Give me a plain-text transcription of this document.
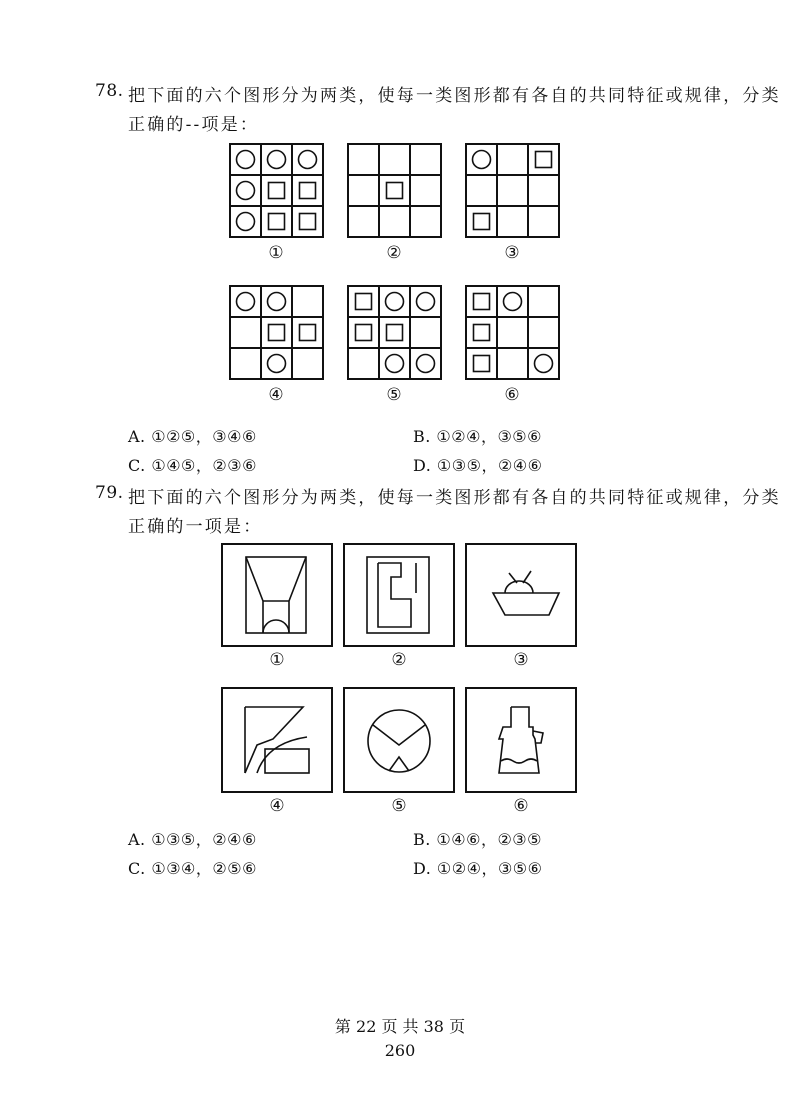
78. 把下面的六个图形分为两类，使每一类图形都有各自的共同特征或规律，分类
正确的--项是：
①	②	③
④	⑤	⑥
A. ①②⑤，③④⑥	B. ①②④，③⑤⑥
C. ①④⑤，②③⑥	D. ①③⑤，②④⑥
79. 把下面的六个图形分为两类，使每一类图形都有各自的共同特征或规律，分类
正确的一项是：
①	②	③
④	⑤	⑥
A. ①③⑤，②④⑥	B. ①④⑥，②③⑤
C. ①③④，②⑤⑥	D. ①②④，③⑤⑥
第 22 页 共 38 页
260
